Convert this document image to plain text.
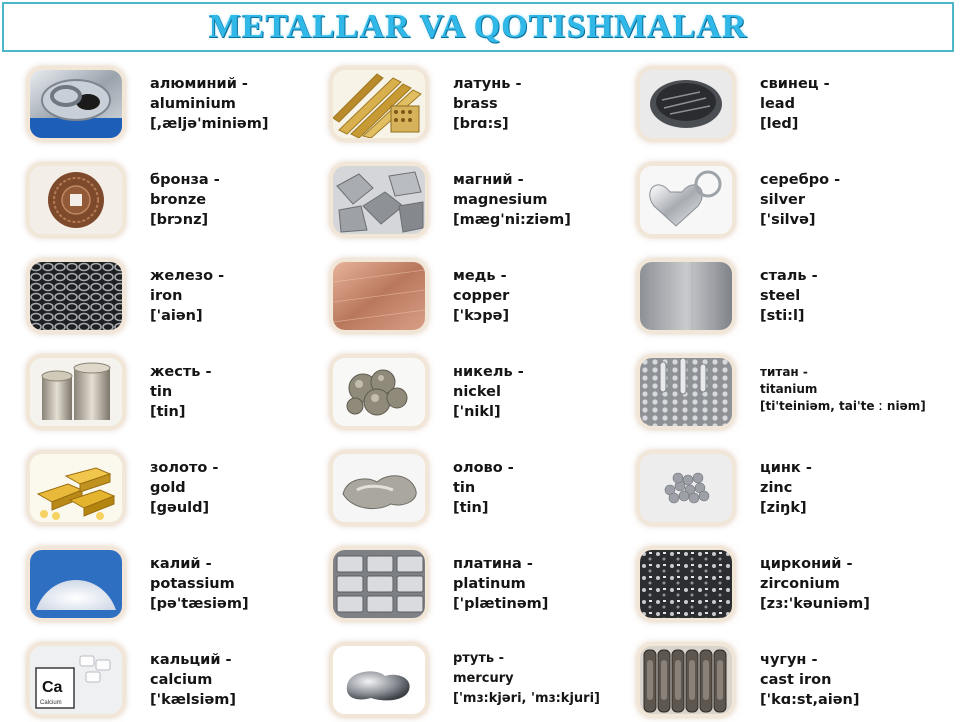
METALLAR VA QOTISHMALAR
алюминий -
aluminium
[,æljə'miniəm]
латунь -
brass
[brɑ:s]
свинец -
lead
[led]
бронза -
bronze
[brɔnz]
магний -
magnesium
[mæg'ni:ziəm]
серебро -
silver
['silvə]
железо -
iron
['aiən]
медь -
copper
['kɔpə]
сталь -
steel
[sti:l]
жесть -
tin
[tin]
никель -
nickel
['nikl]
титан -
titanium
[ti'teiniəm, tai'te ː niəm]
золото -
gold
[gəuld]
олово -
tin
[tin]
цинк -
zinc
[ziŋk]
калий -
potassium
[pə'tæsiəm]
платина -
platinum
['plætinəm]
цирконий -
zirconium
[zɜ:'kəuniəm]
Ca
Calcium
кальций -
calcium
['kælsiəm]
ртуть -
mercury
['mɜ:kjəri, 'mɜ:kjuri]
чугун -
cast iron
['kɑ:st,aiən]
